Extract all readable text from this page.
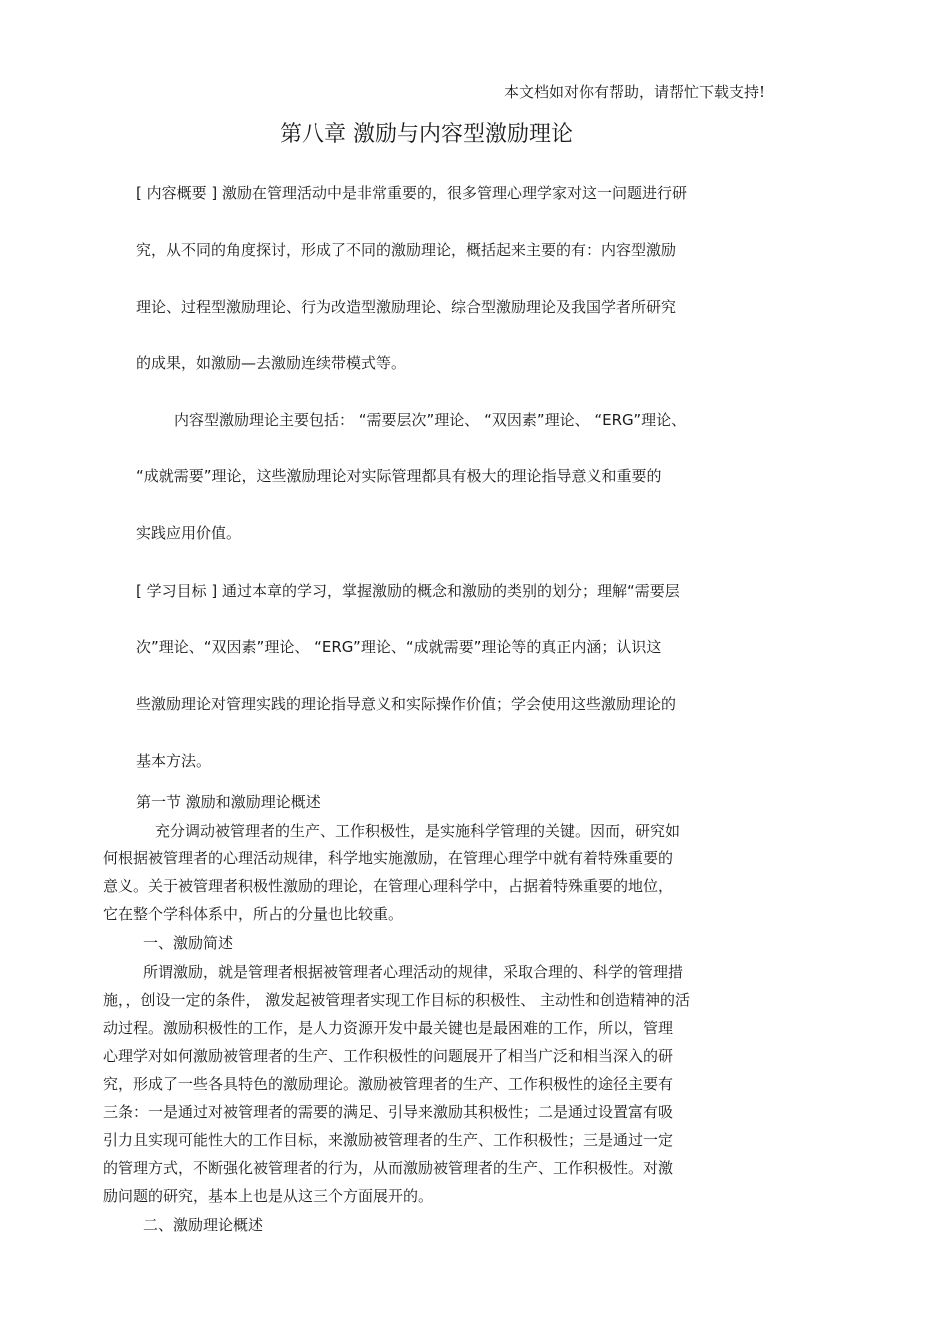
本文档如对你有帮助，请帮忙下载支持!
第八章 激励与内容型激励理论
[ 内容概要 ] 激励在管理活动中是非常重要的，很多管理心理学家对这一问题进行研
究，从不同的角度探讨，形成了不同的激励理论，概括起来主要的有：内容型激励
理论、过程型激励理论、行为改造型激励理论、综合型激励理论及我国学者所研究
的成果，如激励—去激励连续带模式等。
内容型激励理论主要包括： “需要层次”理论、 “双因素”理论、 “ERG”理论、
“成就需要”理论，这些激励理论对实际管理都具有极大的理论指导意义和重要的
实践应用价值。
[ 学习目标 ] 通过本章的学习，掌握激励的概念和激励的类别的划分；理解“需要层
次”理论、“双因素”理论、 “ERG”理论、“成就需要”理论等的真正内涵；认识这
些激励理论对管理实践的理论指导意义和实际操作价值；学会使用这些激励理论的
基本方法。
第一节 激励和激励理论概述
充分调动被管理者的生产、工作积极性，是实施科学管理的关键。因而，研究如
何根据被管理者的心理活动规律，科学地实施激励，在管理心理学中就有着特殊重要的
意义。关于被管理者积极性激励的理论，在管理心理科学中，占据着特殊重要的地位，
它在整个学科体系中，所占的分量也比较重。
一、激励简述
所谓激励，就是管理者根据被管理者心理活动的规律，采取合理的、科学的管理措
施，，创设一定的条件， 激发起被管理者实现工作目标的积极性、 主动性和创造精神的活
动过程。激励积极性的工作，是人力资源开发中最关键也是最困难的工作，所以，管理
心理学对如何激励被管理者的生产、工作积极性的问题展开了相当广泛和相当深入的研
究，形成了一些各具特色的激励理论。激励被管理者的生产、工作积极性的途径主要有
三条：一是通过对被管理者的需要的满足、引导来激励其积极性；二是通过设置富有吸
引力且实现可能性大的工作目标，来激励被管理者的生产、工作积极性；三是通过一定
的管理方式，不断强化被管理者的行为，从而激励被管理者的生产、工作积极性。对激
励问题的研究，基本上也是从这三个方面展开的。
二、激励理论概述
